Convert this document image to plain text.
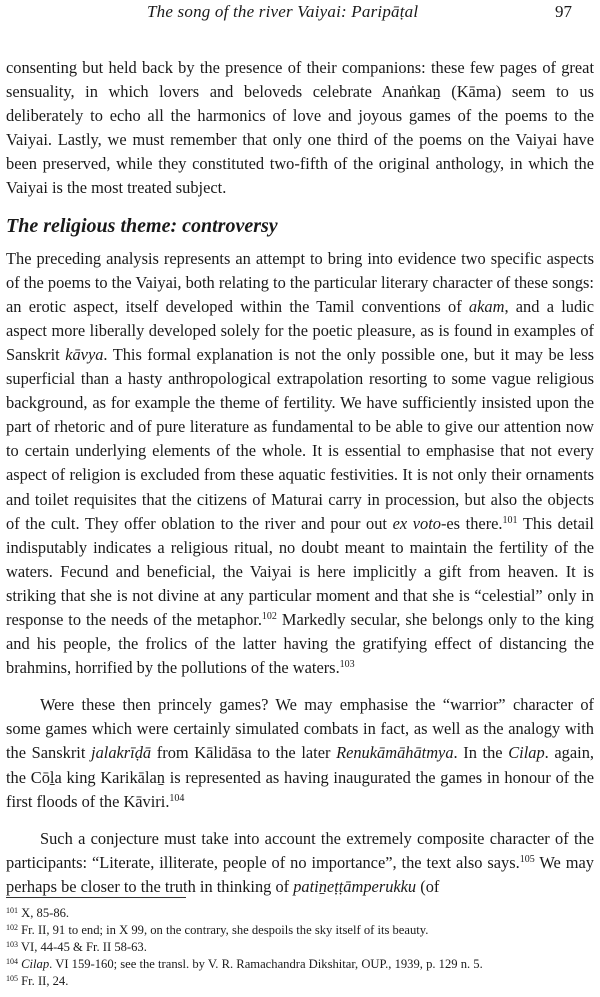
The song of the river Vaiyai: Paripāṭal	97

consenting but held back by the presence of their companions: these few pages of great sensuality, in which lovers and beloveds celebrate Anaṅkaṉ (Kāma) seem to us deliberately to echo all the harmonics of love and joyous games of the poems to the Vaiyai. Lastly, we must remember that only one third of the poems on the Vaiyai have been preserved, while they constituted two-fifth of the original anthology, in which the Vaiyai is the most treated subject.

The religious theme: controversy

The preceding analysis represents an attempt to bring into evidence two specific aspects of the poems to the Vaiyai, both relating to the particular literary character of these songs: an erotic aspect, itself developed within the Tamil conventions of akam, and a ludic aspect more liberally developed solely for the poetic pleasure, as is found in examples of Sanskrit kāvya. This formal explanation is not the only possible one, but it may be less superficial than a hasty anthropological extrapolation resorting to some vague religious background, as for example the theme of fertility. We have sufficiently insisted upon the part of rhetoric and of pure literature as fundamental to be able to give our attention now to certain underlying elements of the whole. It is essential to emphasise that not every aspect of religion is excluded from these aquatic festivities. It is not only their ornaments and toilet requisites that the citizens of Maturai carry in procession, but also the objects of the cult. They offer oblation to the river and pour out ex voto-es there.$^{101}$ This detail indisputably indicates a religious ritual, no doubt meant to maintain the fertility of the waters. Fecund and beneficial, the Vaiyai is here implicitly a gift from heaven. It is striking that she is not divine at any particular moment and that she is “celestial” only in response to the needs of the metaphor.$^{102}$ Markedly secular, she belongs only to the king and his people, the frolics of the latter having the gratifying effect of distancing the brahmins, horrified by the pollutions of the waters.$^{103}$

Were these then princely games? We may emphasise the “warrior” character of some games which were certainly simulated combats in fact, as well as the analogy with the Sanskrit jalakrīḍā from Kālidāsa to the later Renukāmāhātmya. In the Cilap. again, the Cōḻa king Karikālaṉ is represented as having inaugurated the games in honour of the first floods of the Kāviri.$^{104}$

Such a conjecture must take into account the extremely composite character of the participants: “Literate, illiterate, people of no importance”, the text also says.$^{105}$ We may perhaps be closer to the truth in thinking of patiṉeṭṭāmperukku (of

$^{101}$ X, 85-86.
$^{102}$ Fr. II, 91 to end; in X 99, on the contrary, she despoils the sky itself of its beauty.
$^{103}$ VI, 44-45 & Fr. II 58-63.
$^{104}$ Cilap. VI 159-160; see the transl. by V. R. Ramachandra Dikshitar, OUP., 1939, p. 129 n. 5.
$^{105}$ Fr. II, 24.
